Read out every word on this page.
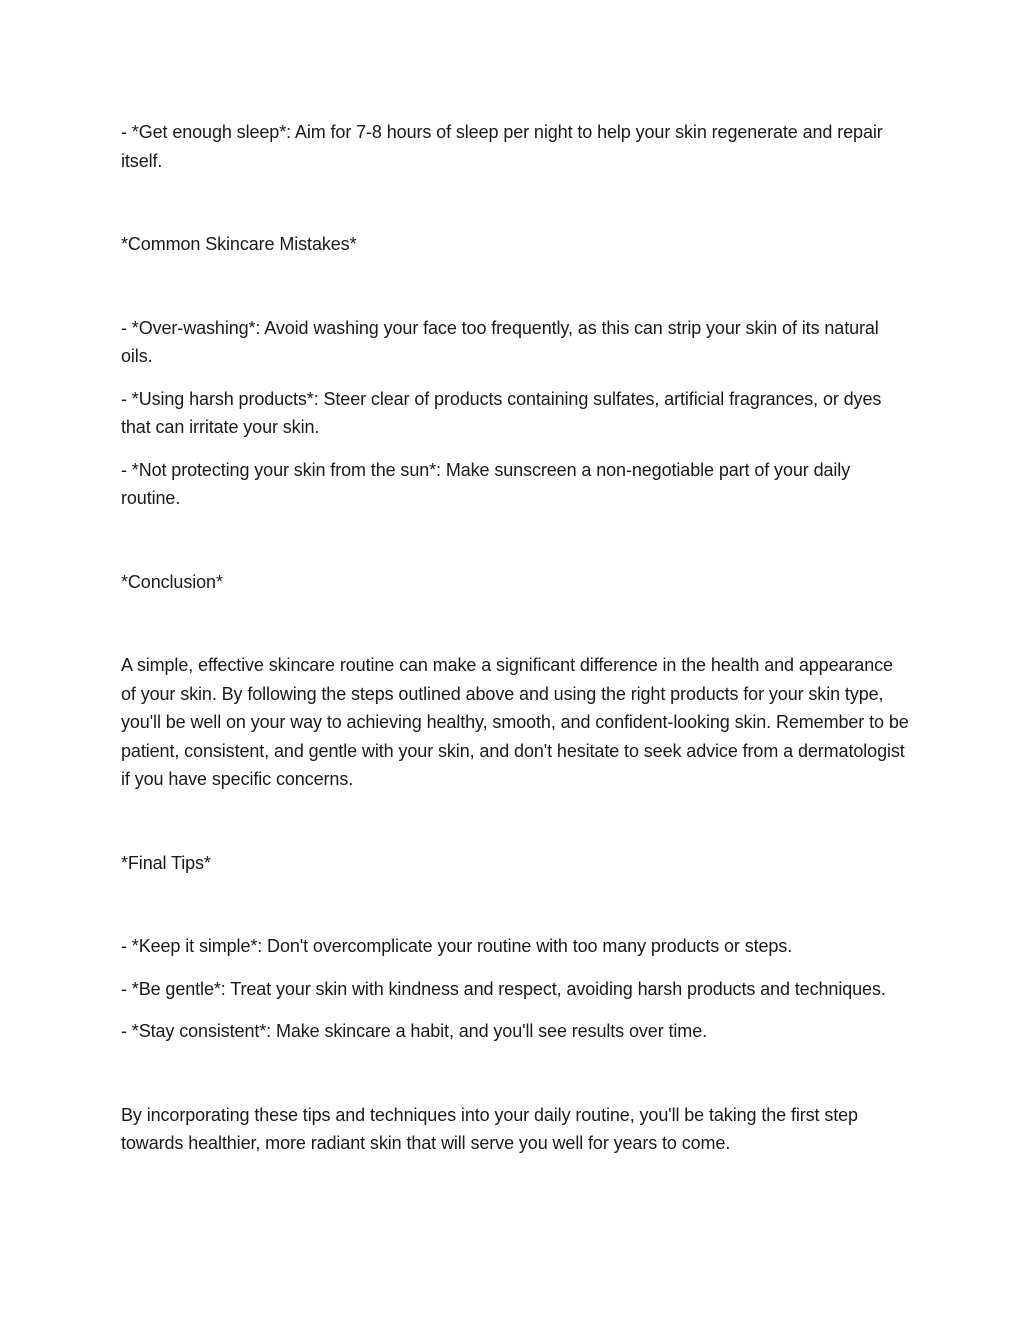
- *Get enough sleep*: Aim for 7-8 hours of sleep per night to help your skin regenerate and repair itself.

*Common Skincare Mistakes*

- *Over-washing*: Avoid washing your face too frequently, as this can strip your skin of its natural oils.

- *Using harsh products*: Steer clear of products containing sulfates, artificial fragrances, or dyes that can irritate your skin.

- *Not protecting your skin from the sun*: Make sunscreen a non-negotiable part of your daily routine.

*Conclusion*

A simple, effective skincare routine can make a significant difference in the health and appearance of your skin. By following the steps outlined above and using the right products for your skin type, you'll be well on your way to achieving healthy, smooth, and confident-looking skin. Remember to be patient, consistent, and gentle with your skin, and don't hesitate to seek advice from a dermatologist if you have specific concerns.

*Final Tips*

- *Keep it simple*: Don't overcomplicate your routine with too many products or steps.

- *Be gentle*: Treat your skin with kindness and respect, avoiding harsh products and techniques.

- *Stay consistent*: Make skincare a habit, and you'll see results over time.

By incorporating these tips and techniques into your daily routine, you'll be taking the first step towards healthier, more radiant skin that will serve you well for years to come.
